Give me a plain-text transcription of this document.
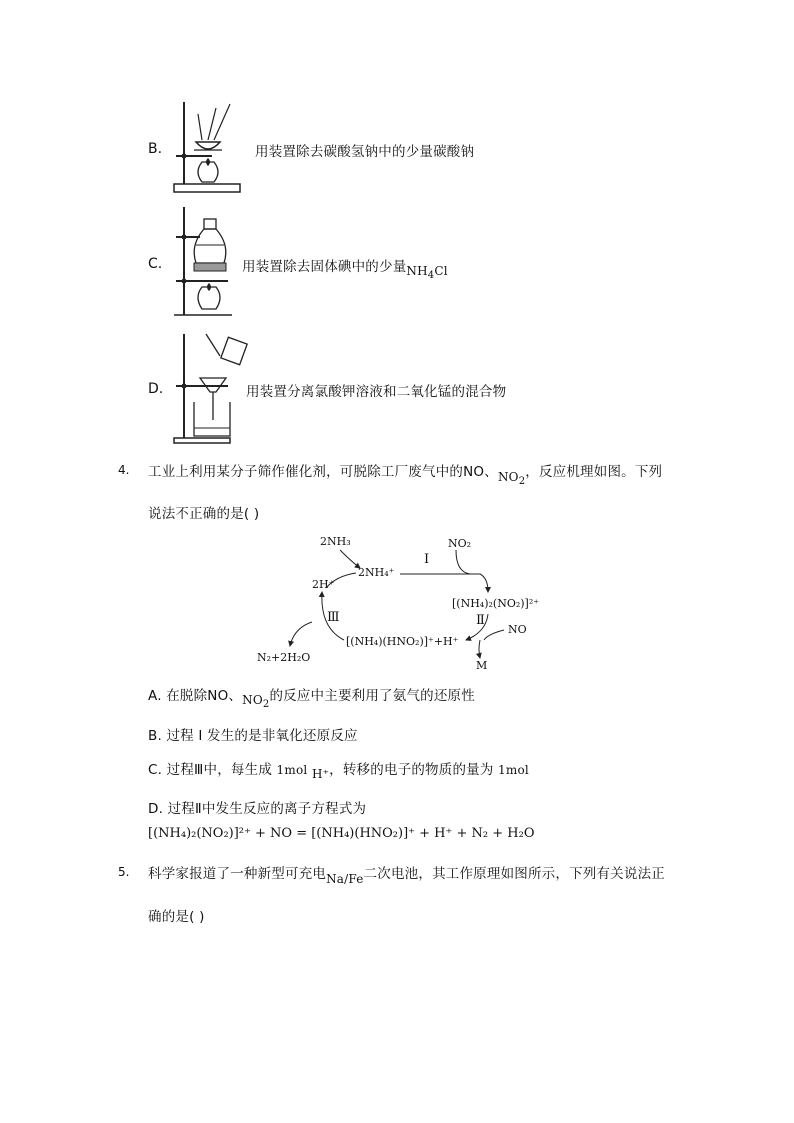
B.	用装置除去碳酸氢钠中的少量碳酸钠
C.	用装置除去固体碘中的少量$NH_4Cl$
D.	用装置分离氯酸钾溶液和二氧化锰的混合物
4. 工业上利用某分子筛作催化剂，可脱除工厂废气中的NO、$NO_2$，反应机理如图。下列
说法不正确的是( )
2NH₃	NO₂
2NH₄⁺
I
2H⁺
[(NH₄)₂(NO₂)]²⁺
Ⅱ
NO
Ⅲ
[(NH₄)(HNO₂)]⁺+H⁺
M
N₂+2H₂O
A. 在脱除NO、$NO_2$的反应中主要利用了氨气的还原性
B. 过程 I 发生的是非氧化还原反应
C. 过程Ⅲ中，每生成 1mol H⁺，转移的电子的物质的量为 1mol
D. 过程Ⅱ中发生反应的离子方程式为
[(NH₄)₂(NO₂)]²⁺ + NO = [(NH₄)(HNO₂)]⁺ + H⁺ + N₂ + H₂O
5. 科学家报道了一种新型可充电Na/Fe二次电池，其工作原理如图所示，下列有关说法正
确的是( )
